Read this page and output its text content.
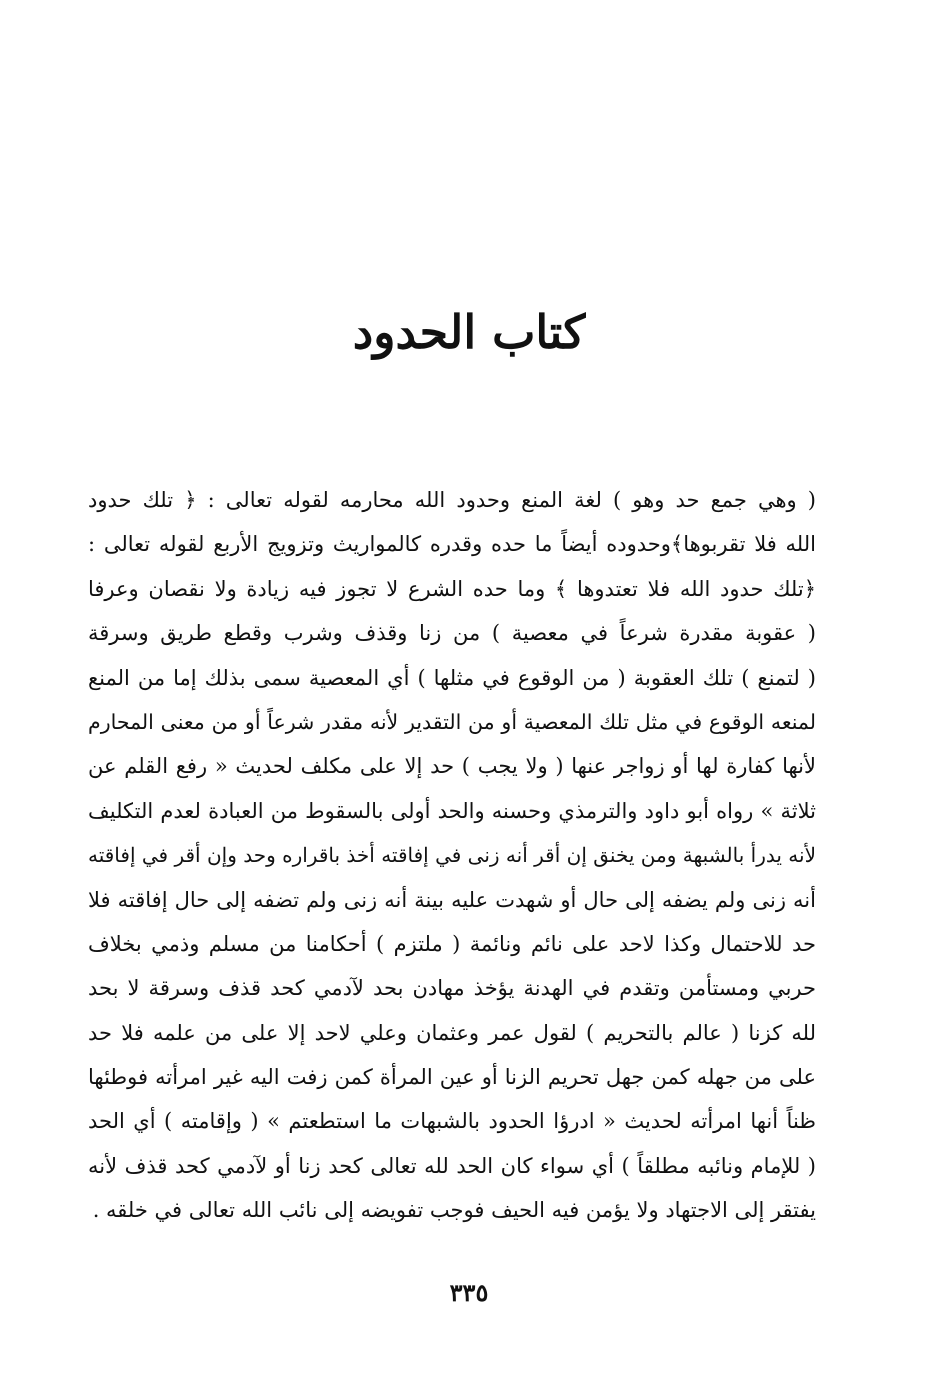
كتاب الحدود
( وهي جمع حد وهو ) لغة المنع وحدود الله محارمه لقوله تعالى : ﴿ تلك حدود
الله فلا تقربوها﴾وحدوده أيضاً ما حده وقدره كالمواريث وتزويج الأربع لقوله تعالى :
﴿تلك حدود الله فلا تعتدوها ﴾ وما حده الشرع لا تجوز فيه زيادة ولا نقصان وعرفا
( عقوبة مقدرة شرعاً في معصية ) من زنا وقذف وشرب وقطع طريق وسرقة
( لتمنع ) تلك العقوبة ( من الوقوع في مثلها ) أي المعصية سمى بذلك إما من المنع
لمنعه الوقوع في مثل تلك المعصية أو من التقدير لأنه مقدر شرعاً أو من معنى المحارم
لأنها كفارة لها أو زواجر عنها ( ولا يجب ) حد إلا على مكلف لحديث « رفع القلم عن
ثلاثة » رواه أبو داود والترمذي وحسنه والحد أولى بالسقوط من العبادة لعدم التكليف
لأنه يدرأ بالشبهة ومن يخنق إن أقر أنه زنى في إفاقته أخذ باقراره وحد وإن أقر في إفاقته
أنه زنى ولم يضفه إلى حال أو شهدت عليه بينة أنه زنى ولم تضفه إلى حال إفاقته فلا
حد للاحتمال وكذا لاحد على نائم ونائمة ( ملتزم ) أحكامنا من مسلم وذمي بخلاف
حربي ومستأمن وتقدم في الهدنة يؤخذ مهادن بحد لآدمي كحد قذف وسرقة لا بحد
لله كزنا ( عالم بالتحريم ) لقول عمر وعثمان وعلي لاحد إلا على من علمه فلا حد
على من جهله كمن جهل تحريم الزنا أو عين المرأة كمن زفت اليه غير امرأته فوطئها
ظناً أنها امرأته لحديث « ادرؤا الحدود بالشبهات ما استطعتم » ( وإقامته ) أي الحد
( للإمام ونائبه مطلقاً ) أي سواء كان الحد لله تعالى كحد زنا أو لآدمي كحد قذف لأنه
يفتقر إلى الاجتهاد ولا يؤمن فيه الحيف فوجب تفويضه إلى نائب الله تعالى في خلقه .
٣٣٥
